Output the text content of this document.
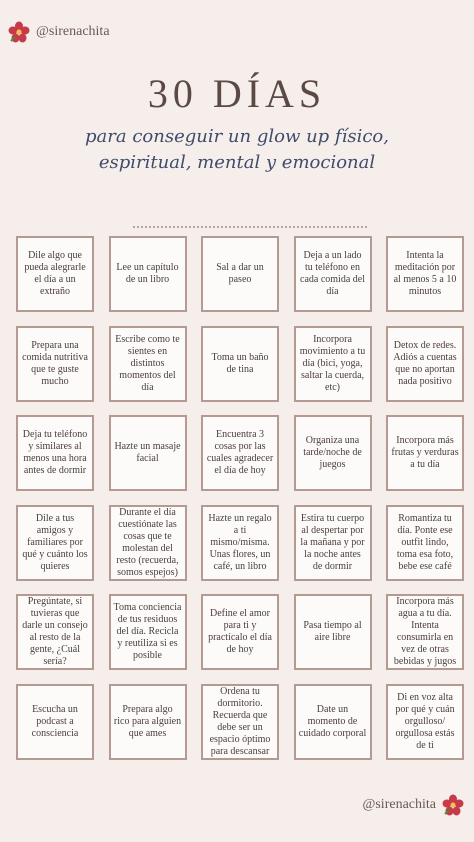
@sirenachita
30 DÍAS
para conseguir un glow up físico,
espiritual, mental y emocional
Dile algo que pueda alegrarle el día a un extraño
Lee un capítulo de un libro
Sal a dar un paseo
Deja a un lado tu teléfono en cada comida del día
Intenta la meditación por al menos 5 a 10 minutos
Prepara una comida nutritiva que te guste mucho
Escribe como te sientes en distintos momentos del día
Toma un baño de tina
Incorpora movimiento a tu día (bici, yoga, saltar la cuerda, etc)
Detox de redes. Adiós a cuentas que no aportan nada positivo
Deja tu teléfono y similares al menos una hora antes de dormir
Hazte un masaje facial
Encuentra 3 cosas por las cuales agradecer el día de hoy
Organiza una tarde/noche de juegos
Incorpora más frutas y verduras a tu día
Dile a tus amigos y familiares por qué y cuánto los quieres
Durante el día cuestiónate las cosas que te molestan del resto (recuerda, somos espejos)
Hazte un regalo a ti mismo/misma. Unas flores, un café, un libro
Estira tu cuerpo al despertar por la mañana y por la noche antes de dormir
Romantiza tu día. Ponte ese outfit lindo, toma esa foto, bebe ese café
Pregúntate, si tuvieras que darle un consejo al resto de la gente, ¿Cuál sería?
Toma conciencia de tus residuos del día. Recicla y reutiliza si es posible
Define el amor para ti y practícalo el día de hoy
Pasa tiempo al aire libre
Incorpora más agua a tu día. Intenta consumirla en vez de otras bebidas y jugos
Escucha un podcast a consciencia
Prepara algo rico para alguien que ames
Ordena tu dormitorio. Recuerda que debe ser un espacio óptimo para descansar
Date un momento de cuidado corporal
Di en voz alta por qué y cuán orgulloso/ orgullosa estás de ti
@sirenachita
